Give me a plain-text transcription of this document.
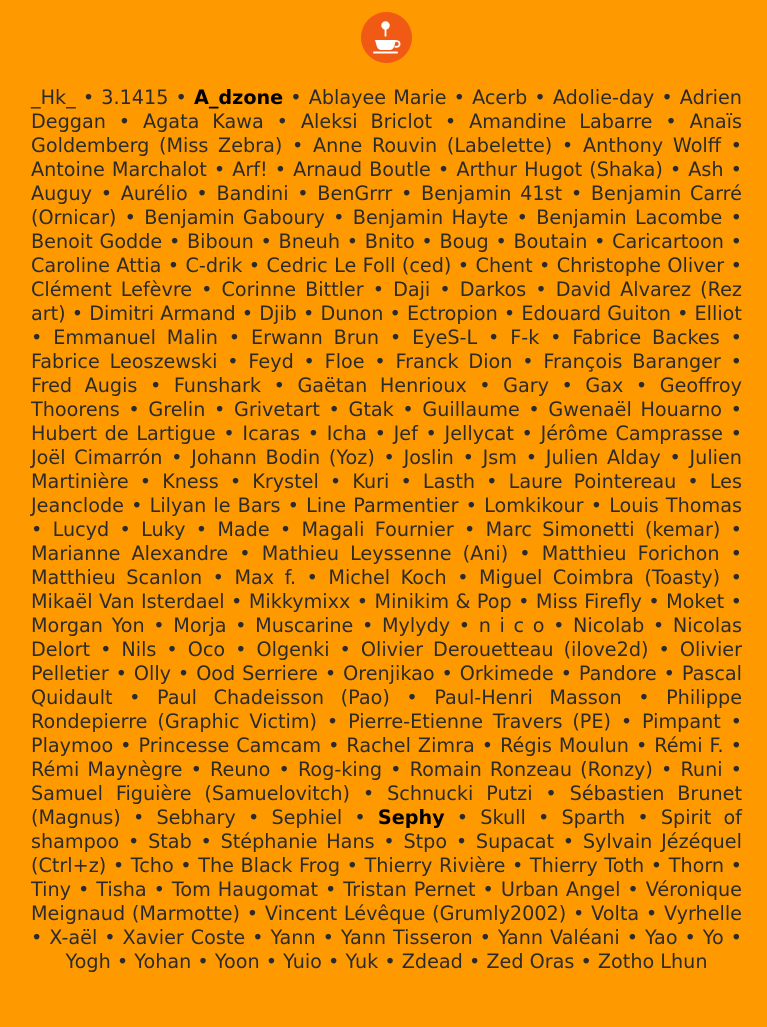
_Hk_ • 3.1415 • A_dzone • Ablayee Marie • Acerb • Adolie-day • Adrien Deggan • Agata Kawa • Aleksi Briclot • Amandine Labarre • Anaïs Goldemberg (Miss Zebra) • Anne Rouvin (Labelette) • Anthony Wolff • Antoine Marchalot • Arf! • Arnaud Boutle • Arthur Hugot (Shaka) • Ash • Auguy • Aurélio • Bandini • BenGrrr • Benjamin 41st • Benjamin Carré (Ornicar) • Benjamin Gaboury • Benjamin Hayte • Benjamin Lacombe • Benoit Godde • Biboun • Bneuh • Bnito • Boug • Boutain • Caricartoon • Caroline Attia • C-drik • Cedric Le Foll (ced) • Chent • Christophe Oliver • Clément Lefèvre • Corinne Bittler • Daji • Darkos • David Alvarez (Rez art) • Dimitri Armand • Djib • Dunon • Ectropion • Edouard Guiton • Elliot • Emmanuel Malin • Erwann Brun • EyeS-L • F-k • Fabrice Backes • Fabrice Leoszewski • Feyd • Floe • Franck Dion • François Baranger • Fred Augis • Funshark • Gaëtan Henrioux • Gary • Gax • Geoffroy Thoorens • Grelin • Grivetart • Gtak • Guillaume • Gwenaël Houarno • Hubert de Lartigue • Icaras • Icha • Jef • Jellycat • Jérôme Camprasse • Joël Cimarrón • Johann Bodin (Yoz) • Joslin • Jsm • Julien Alday • Julien Martinière • Kness • Krystel • Kuri • Lasth • Laure Pointereau • Les Jeanclode • Lilyan le Bars • Line Parmentier • Lomkikour • Louis Thomas • Lucyd • Luky • Made • Magali Fournier • Marc Simonetti (kemar) • Marianne Alexandre • Mathieu Leyssenne (Ani) • Matthieu Forichon • Matthieu Scanlon • Max f. • Michel Koch • Miguel Coimbra (Toasty) • Mikaël Van Isterdael • Mikkymixx • Minikim & Pop • Miss Firefly • Moket • Morgan Yon • Morja • Muscarine • Mylydy • n i c o • Nicolab • Nicolas Delort • Nils • Oco • Olgenki • Olivier Derouetteau (ilove2d) • Olivier Pelletier • Olly • Ood Serriere • Orenjikao • Orkimede • Pandore • Pascal Quidault • Paul Chadeisson (Pao) • Paul-Henri Masson • Philippe Rondepierre (Graphic Victim) • Pierre-Etienne Travers (PE) • Pimpant • Playmoo • Princesse Camcam • Rachel Zimra • Régis Moulun • Rémi F. • Rémi Maynègre • Reuno • Rog-king • Romain Ronzeau (Ronzy) • Runi • Samuel Figuière (Samuelovitch) • Schnucki Putzi • Sébastien Brunet (Magnus) • Sebhary • Sephiel • Sephy • Skull • Sparth • Spirit of shampoo • Stab • Stéphanie Hans • Stpo • Supacat • Sylvain Jézéquel (Ctrl+z) • Tcho • The Black Frog • Thierry Rivière • Thierry Toth • Thorn • Tiny • Tisha • Tom Haugomat • Tristan Pernet • Urban Angel • Véronique Meignaud (Marmotte) • Vincent Lévêque (Grumly2002) • Volta • Vyrhelle • X-aël • Xavier Coste • Yann • Yann Tisseron • Yann Valéani • Yao • Yo • Yogh • Yohan • Yoon • Yuio • Yuk • Zdead • Zed Oras • Zotho Lhun
